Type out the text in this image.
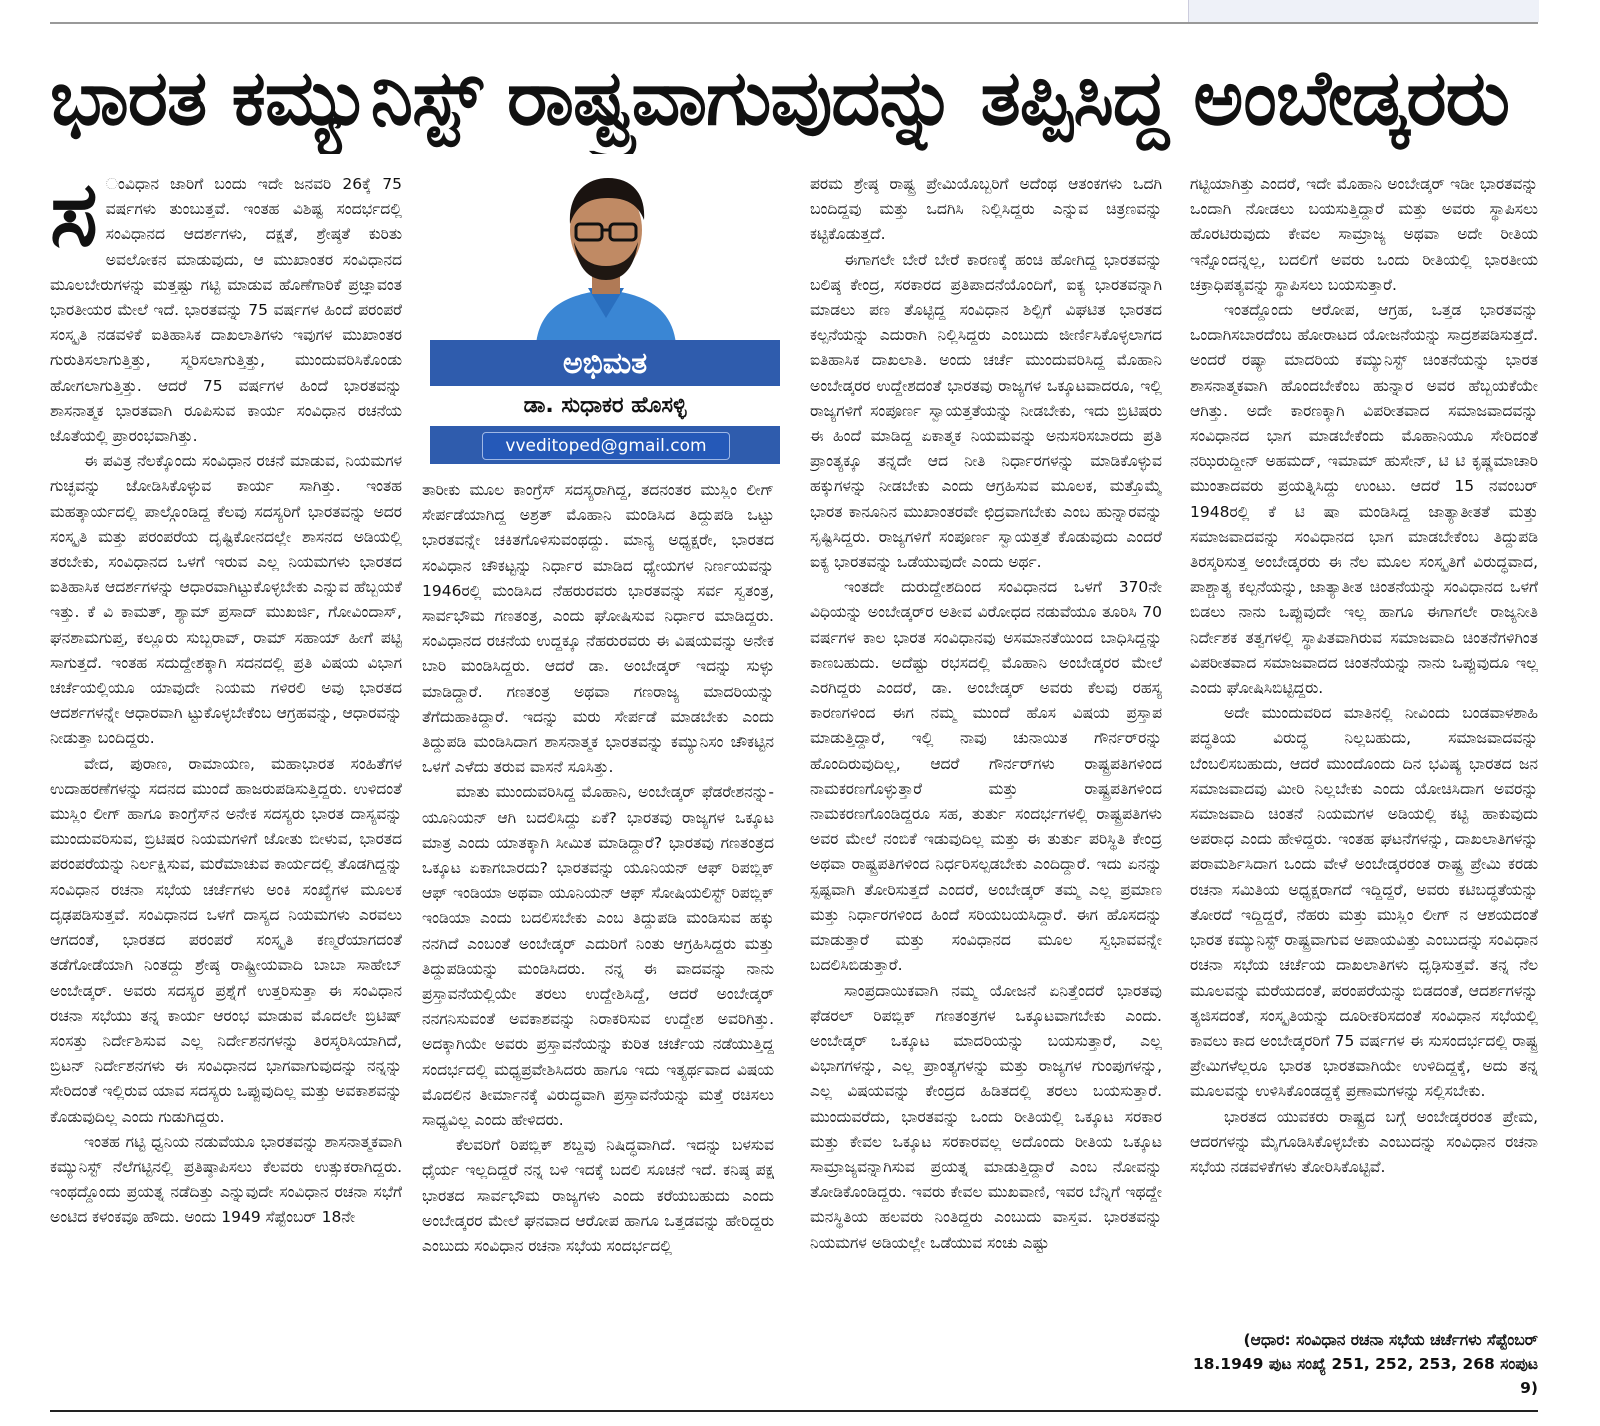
ಭಾರತ ಕಮ್ಯುನಿಸ್ಟ್ ರಾಷ್ಟ್ರವಾಗುವುದನ್ನು ತಪ್ಪಿಸಿದ್ದ ಅಂಬೇಡ್ಕರರು
ಸ ಂವಿಧಾನ ಜಾರಿಗೆ ಬಂದು ಇದೇ ಜನವರಿ 26ಕ್ಕೆ 75 ವರ್ಷಗಳು ತುಂಬುತ್ತವೆ. ಇಂತಹ ವಿಶಿಷ್ಟ ಸಂದರ್ಭದಲ್ಲಿ ಸಂವಿಧಾನದ ಆದರ್ಶಗಳು, ದಕ್ಷತೆ, ಶ್ರೇಷ್ಠತೆ ಕುರಿತು ಅವಲೋಕನ ಮಾಡುವುದು, ಆ ಮುಖಾಂತರ ಸಂವಿಧಾನದ ಮೂಲಬೇರುಗಳನ್ನು ಮತ್ತಷ್ಟು ಗಟ್ಟಿ ಮಾಡುವ ಹೊಣೆಗಾರಿಕೆ ಪ್ರಜ್ಞಾವಂತ ಭಾರತೀಯರ ಮೇಲೆ ಇದೆ. ಭಾರತವನ್ನು 75 ವರ್ಷಗಳ ಹಿಂದೆ ಪರಂಪರೆ ಸಂಸ್ಕೃತಿ ನಡವಳಿಕೆ ಐತಿಹಾಸಿಕ ದಾಖಲಾತಿಗಳು ಇವುಗಳ ಮುಖಾಂತರ ಗುರುತಿಸಲಾಗುತ್ತಿತ್ತು, ಸ್ಮರಿಸಲಾಗುತ್ತಿತ್ತು, ಮುಂದುವರಿಸಿಕೊಂಡು ಹೋಗಲಾಗುತ್ತಿತ್ತು. ಆದರೆ 75 ವರ್ಷಗಳ ಹಿಂದೆ ಭಾರತವನ್ನು ಶಾಸನಾತ್ಮಕ ಭಾರತವಾಗಿ ರೂಪಿಸುವ ಕಾರ್ಯ ಸಂವಿಧಾನ ರಚನೆಯ ಜೊತೆಯಲ್ಲಿ ಪ್ರಾರಂಭವಾಗಿತ್ತು.

ಈ ಪವಿತ್ರ ನೆಲಕ್ಕೊಂದು ಸಂವಿಧಾನ ರಚನೆ ಮಾಡುವ, ನಿಯಮಗಳ ಗುಚ್ಛವನ್ನು ಜೋಡಿಸಿಕೊಳ್ಳುವ ಕಾರ್ಯ ಸಾಗಿತ್ತು. ಇಂತಹ ಮಹತ್ಕಾರ್ಯದಲ್ಲಿ ಪಾಲ್ಗೊಂಡಿದ್ದ ಕೆಲವು ಸದಸ್ಯರಿಗೆ ಭಾರತವನ್ನು ಅದರ ಸಂಸ್ಕೃತಿ ಮತ್ತು ಪರಂಪರೆಯ ದೃಷ್ಟಿಕೋನದಲ್ಲೇ ಶಾಸನದ ಅಡಿಯಲ್ಲಿ ತರಬೇಕು, ಸಂವಿಧಾನದ ಒಳಗೆ ಇರುವ ಎಲ್ಲ ನಿಯಮಗಳು ಭಾರತದ ಐತಿಹಾಸಿಕ ಆದರ್ಶಗಳನ್ನು ಆಧಾರವಾಗಿಟ್ಟುಕೊಳ್ಳಬೇಕು ಎನ್ನುವ ಹೆಬ್ಬಯಕೆ ಇತ್ತು. ಕೆ ವಿ ಕಾಮತ್, ಶ್ಯಾಮ್ ಪ್ರಸಾದ್ ಮುಖರ್ಜಿ, ಗೋವಿಂದಾಸ್, ಘನಶಾಮಗುಪ್ತ, ಕಲ್ಲೂರು ಸುಬ್ಬರಾವ್, ರಾಮ್ ಸಹಾಯ್ ಹೀಗೆ ಪಟ್ಟಿ ಸಾಗುತ್ತದೆ. ಇಂತಹ ಸದುದ್ದೇಶಕ್ಕಾಗಿ ಸದನದಲ್ಲಿ ಪ್ರತಿ ವಿಷಯ ವಿಭಾಗ ಚರ್ಚೆಯಲ್ಲಿಯೂ ಯಾವುದೇ ನಿಯಮ ಗಳಿರಲಿ ಅವು ಭಾರತದ ಆದರ್ಶಗಳನ್ನೇ ಆಧಾರವಾಗಿ ಟ್ಟುಕೊಳ್ಳಬೇಕೆಂಬ ಆಗ್ರಹವನ್ನು, ಆಧಾರವನ್ನು ನೀಡುತ್ತಾ ಬಂದಿದ್ದರು.

ವೇದ, ಪುರಾಣ, ರಾಮಾಯಣ, ಮಹಾಭಾರತ ಸಂಹಿತೆಗಳ ಉದಾಹರಣೆಗಳನ್ನು ಸದನದ ಮುಂದೆ ಹಾಜರುಪಡಿಸುತ್ತಿದ್ದರು. ಉಳಿದಂತೆ ಮುಸ್ಲಿಂ ಲೀಗ್ ಹಾಗೂ ಕಾಂಗ್ರೆಸ್‌ನ ಅನೇಕ ಸದಸ್ಯರು ಭಾರತ ದಾಸ್ಯವನ್ನು ಮುಂದುವರಿಸುವ, ಬ್ರಿಟಿಷರ ನಿಯಮಗಳಿಗೆ ಜೋತು ಬೀಳುವ, ಭಾರತದ ಪರಂಪರೆಯನ್ನು ನಿರ್ಲಕ್ಷಿಸುವ, ಮರೆಮಾಚುವ ಕಾರ್ಯದಲ್ಲಿ ತೊಡಗಿದ್ದನ್ನು ಸಂವಿಧಾನ ರಚನಾ ಸಭೆಯ ಚರ್ಚೆಗಳು ಅಂಕಿ ಸಂಖ್ಯೆಗಳ ಮೂಲಕ ದೃಢಪಡಿಸುತ್ತವೆ. ಸಂವಿಧಾನದ ಒಳಗೆ ದಾಸ್ಯದ ನಿಯಮಗಳು ಎರವಲು ಆಗದಂತೆ, ಭಾರತದ ಪರಂಪರೆ ಸಂಸ್ಕೃತಿ ಕಣ್ಮರೆಯಾಗದಂತೆ ತಡೆಗೋಡೆಯಾಗಿ ನಿಂತದ್ದು ಶ್ರೇಷ್ಠ ರಾಷ್ಟ್ರೀಯವಾದಿ ಬಾಬಾ ಸಾಹೇಬ್ ಅಂಬೇಡ್ಕರ್. ಅವರು ಸದಸ್ಯರ ಪ್ರಶ್ನೆಗೆ ಉತ್ತರಿಸುತ್ತಾ ಈ ಸಂವಿಧಾನ ರಚನಾ ಸಭೆಯು ತನ್ನ ಕಾರ್ಯ ಆರಂಭ ಮಾಡುವ ಮೊದಲೇ ಬ್ರಿಟಿಷ್ ಸಂಸತ್ತು ನಿರ್ದೇಶಿಸುವ ಎಲ್ಲ ನಿರ್ದೇಶನಗಳನ್ನು ತಿರಸ್ಕರಿಸಿಯಾಗಿದೆ, ಬ್ರಿಟನ್ ನಿರ್ದೇಶನಗಳು ಈ ಸಂವಿಧಾನದ ಭಾಗವಾಗುವುದನ್ನು ನನ್ನನ್ನು ಸೇರಿದಂತೆ ಇಲ್ಲಿರುವ ಯಾವ ಸದಸ್ಯರು ಒಪ್ಪುವುದಿಲ್ಲ ಮತ್ತು ಅವಕಾಶವನ್ನು ಕೊಡುವುದಿಲ್ಲ ಎಂದು ಗುಡುಗಿದ್ದರು.

ಇಂತಹ ಗಟ್ಟಿ ಧ್ವನಿಯ ನಡುವೆಯೂ ಭಾರತವನ್ನು ಶಾಸನಾತ್ಮಕವಾಗಿ ಕಮ್ಯುನಿಸ್ಟ್ ನೆಲೆಗಟ್ಟಿನಲ್ಲಿ ಪ್ರತಿಷ್ಠಾಪಿಸಲು ಕೆಲವರು ಉತ್ಸುಕರಾಗಿದ್ದರು. ಇಂಥದ್ದೊಂದು ಪ್ರಯತ್ನ ನಡೆದಿತ್ತು ಎನ್ನುವುದೇ ಸಂವಿಧಾನ ರಚನಾ ಸಭೆಗೆ ಅಂಟಿದ ಕಳಂಕವೂ ಹೌದು. ಅಂದು 1949 ಸೆಪ್ಟೆಂಬರ್ 18ನೇ

ಅಭಿಮತ
ಡಾ. ಸುಧಾಕರ ಹೊಸಳ್ಳಿ
vveditoped@gmail.com

ತಾರೀಕು ಮೂಲ ಕಾಂಗ್ರೆಸ್ ಸದಸ್ಯರಾಗಿದ್ದ, ತದನಂತರ ಮುಸ್ಲಿಂ ಲೀಗ್ ಸೇರ್ಪಡೆಯಾಗಿದ್ದ ಅಶ್ರತ್ ಮೊಹಾನಿ ಮಂಡಿಸಿದ ತಿದ್ದುಪಡಿ ಒಟ್ಟು ಭಾರತವನ್ನೇ ಚಕಿತಗೊಳಿಸುವಂಥದ್ದು. ಮಾನ್ಯ ಅಧ್ಯಕ್ಷರೇ, ಭಾರತದ ಸಂವಿಧಾನ ಚೌಕಟ್ಟನ್ನು ನಿರ್ಧಾರ ಮಾಡಿದ ಧ್ಯೇಯಗಳ ನಿರ್ಣಯವನ್ನು 1946ರಲ್ಲಿ ಮಂಡಿಸಿದ ನೆಹರುರವರು ಭಾರತವನ್ನು ಸರ್ವ ಸ್ವತಂತ್ರ, ಸಾರ್ವಭೌಮ ಗಣತಂತ್ರ, ಎಂದು ಘೋಷಿಸುವ ನಿರ್ಧಾರ ಮಾಡಿದ್ದರು. ಸಂವಿಧಾನದ ರಚನೆಯ ಉದ್ದಕ್ಕೂ ನೆಹರುರವರು ಈ ವಿಷಯವನ್ನು ಅನೇಕ ಬಾರಿ ಮಂಡಿಸಿದ್ದರು. ಆದರೆ ಡಾ. ಅಂಬೇಡ್ಕರ್ ಇದನ್ನು ಸುಳ್ಳು ಮಾಡಿದ್ದಾರೆ. ಗಣತಂತ್ರ ಅಥವಾ ಗಣರಾಜ್ಯ ಮಾದರಿಯನ್ನು ತೆಗೆದುಹಾಕಿದ್ದಾರೆ. ಇದನ್ನು ಮರು ಸೇರ್ಪಡೆ ಮಾಡಬೇಕು ಎಂದು ತಿದ್ದುಪಡಿ ಮಂಡಿಸಿದಾಗ ಶಾಸನಾತ್ಮಕ ಭಾರತವನ್ನು ಕಮ್ಯುನಿಸಂ ಚೌಕಟ್ಟಿನ ಒಳಗೆ ಎಳೆದು ತರುವ ವಾಸನೆ ಸೂಸಿತ್ತು.

ಮಾತು ಮುಂದುವರಿಸಿದ್ದ ಮೊಹಾನಿ, ಅಂಬೇಡ್ಕರ್ ಫೆಡರೇಶನನ್ನು-ಯೂನಿಯನ್ ಆಗಿ ಬದಲಿಸಿದ್ದು ಏಕೆ? ಭಾರತವು ರಾಜ್ಯಗಳ ಒಕ್ಕೂಟ ಮಾತ್ರ ಎಂದು ಯಾತಕ್ಕಾಗಿ ಸೀಮಿತ ಮಾಡಿದ್ದಾರೆ? ಭಾರತವು ಗಣತಂತ್ರದ ಒಕ್ಕೂಟ ಏಕಾಗಬಾರದು? ಭಾರತವನ್ನು ಯೂನಿಯನ್ ಆಫ್ ರಿಪಬ್ಲಿಕ್ ಆಫ್ ಇಂಡಿಯಾ ಅಥವಾ ಯೂನಿಯನ್ ಆಫ್ ಸೋಷಿಯಲಿಸ್ಟ್ ರಿಪಬ್ಲಿಕ್ ಇಂಡಿಯಾ ಎಂದು ಬದಲಿಸಬೇಕು ಎಂಬ ತಿದ್ದುಪಡಿ ಮಂಡಿಸುವ ಹಕ್ಕು ನನಗಿದೆ ಎಂಬಂತೆ ಅಂಬೇಡ್ಕರ್ ಎದುರಿಗೆ ನಿಂತು ಆಗ್ರಹಿಸಿದ್ದರು ಮತ್ತು ತಿದ್ದುಪಡಿಯನ್ನು ಮಂಡಿಸಿದರು. ನನ್ನ ಈ ವಾದವನ್ನು ನಾನು ಪ್ರಸ್ತಾವನೆಯಲ್ಲಿಯೇ ತರಲು ಉದ್ದೇಶಿಸಿದ್ದೆ, ಆದರೆ ಅಂಬೇಡ್ಕರ್ ನನಗನಿಸುವಂತೆ ಅವಕಾಶವನ್ನು ನಿರಾಕರಿಸುವ ಉದ್ದೇಶ ಅವರಿಗಿತ್ತು. ಅದಕ್ಕಾಗಿಯೇ ಅವರು ಪ್ರಸ್ತಾವನೆಯನ್ನು ಕುರಿತ ಚರ್ಚೆಯ ನಡೆಯುತ್ತಿದ್ದ ಸಂದರ್ಭದಲ್ಲಿ ಮಧ್ಯಪ್ರವೇಶಿಸಿದರು ಹಾಗೂ ಇದು ಇತ್ಯರ್ಥವಾದ ವಿಷಯ ಮೊದಲಿನ ತೀರ್ಮಾನಕ್ಕೆ ವಿರುದ್ಧವಾಗಿ ಪ್ರಸ್ತಾವನೆಯನ್ನು ಮತ್ತೆ ರಚಿಸಲು ಸಾಧ್ಯವಿಲ್ಲ ಎಂದು ಹೇಳಿದರು.

ಕೆಲವರಿಗೆ ರಿಪಬ್ಲಿಕ್ ಶಬ್ದವು ನಿಷಿದ್ಧವಾಗಿದೆ. ಇದನ್ನು ಬಳಸುವ ಧೈರ್ಯ ಇಲ್ಲದಿದ್ದರೆ ನನ್ನ ಬಳಿ ಇದಕ್ಕೆ ಬದಲಿ ಸೂಚನೆ ಇದೆ. ಕನಿಷ್ಠ ಪಕ್ಷ ಭಾರತದ ಸಾರ್ವಭೌಮ ರಾಜ್ಯಗಳು ಎಂದು ಕರೆಯಬಹುದು ಎಂದು ಅಂಬೇಡ್ಕರರ ಮೇಲೆ ಘನವಾದ ಆರೋಪ ಹಾಗೂ ಒತ್ತಡವನ್ನು ಹೇರಿದ್ದರು ಎಂಬುದು ಸಂವಿಧಾನ ರಚನಾ ಸಭೆಯ ಸಂದರ್ಭದಲ್ಲಿ

ಪರಮ ಶ್ರೇಷ್ಠ ರಾಷ್ಟ್ರ ಪ್ರೇಮಿಯೊಬ್ಬರಿಗೆ ಅದೆಂಥ ಆತಂಕಗಳು ಒದಗಿ ಬಂದಿದ್ದವು ಮತ್ತು ಒದಗಿಸಿ ನಿಲ್ಲಿಸಿದ್ದರು ಎನ್ನುವ ಚಿತ್ರಣವನ್ನು ಕಟ್ಟಿಕೊಡುತ್ತದೆ.

ಈಗಾಗಲೇ ಬೇರೆ ಬೇರೆ ಕಾರಣಕ್ಕೆ ಹಂಚಿ ಹೋಗಿದ್ದ ಭಾರತವನ್ನು ಬಲಿಷ್ಠ ಕೇಂದ್ರ, ಸರಕಾರದ ಪ್ರತಿಪಾದನೆಯೊಂದಿಗೆ, ಐಕ್ಯ ಭಾರತವನ್ನಾಗಿ ಮಾಡಲು ಪಣ ತೊಟ್ಟಿದ್ದ ಸಂವಿಧಾನ ಶಿಲ್ಪಿಗೆ ವಿಘಟಿತ ಭಾರತದ ಕಲ್ಪನೆಯನ್ನು ಎದುರಾಗಿ ನಿಲ್ಲಿಸಿದ್ದರು ಎಂಬುದು ಜೀರ್ಣಿಸಿಕೊಳ್ಳಲಾಗದ ಐತಿಹಾಸಿಕ ದಾಖಲಾತಿ. ಅಂದು ಚರ್ಚೆ ಮುಂದುವರಿಸಿದ್ದ ಮೊಹಾನಿ ಅಂಬೇಡ್ಕರರ ಉದ್ದೇಶದಂತೆ ಭಾರತವು ರಾಜ್ಯಗಳ ಒಕ್ಕೂಟವಾದರೂ, ಇಲ್ಲಿ ರಾಜ್ಯಗಳಿಗೆ ಸಂಪೂರ್ಣ ಸ್ವಾಯತ್ತತೆಯನ್ನು ನೀಡಬೇಕು, ಇದು ಬ್ರಿಟಿಷರು ಈ ಹಿಂದೆ ಮಾಡಿದ್ದ ಏಕಾತ್ಮಕ ನಿಯಮವನ್ನು ಅನುಸರಿಸಬಾರದು ಪ್ರತಿ ಪ್ರಾಂತ್ಯಕ್ಕೂ ತನ್ನದೇ ಆದ ನೀತಿ ನಿರ್ಧಾರಗಳನ್ನು ಮಾಡಿಕೊಳ್ಳುವ ಹಕ್ಕುಗಳನ್ನು ನೀಡಬೇಕು ಎಂದು ಆಗ್ರಹಿಸುವ ಮೂಲಕ, ಮತ್ತೊಮ್ಮೆ ಭಾರತ ಕಾನೂನಿನ ಮುಖಾಂತರವೇ ಛಿದ್ರವಾಗಬೇಕು ಎಂಬ ಹುನ್ನಾರವನ್ನು ಸೃಷ್ಟಿಸಿದ್ದರು. ರಾಜ್ಯಗಳಿಗೆ ಸಂಪೂರ್ಣ ಸ್ವಾಯತ್ತತೆ ಕೊಡುವುದು ಎಂದರೆ ಐಕ್ಯ ಭಾರತವನ್ನು ಒಡೆಯುವುದೇ ಎಂದು ಅರ್ಥ.

ಇಂತದೇ ದುರುದ್ದೇಶದಿಂದ ಸಂವಿಧಾನದ ಒಳಗೆ 370ನೇ ವಿಧಿಯನ್ನು ಅಂಬೇಡ್ಕರ್‌ರ ಅತೀವ ವಿರೋಧದ ನಡುವೆಯೂ ತೂರಿಸಿ 70 ವರ್ಷಗಳ ಕಾಲ ಭಾರತ ಸಂವಿಧಾನವು ಅಸಮಾನತೆಯಿಂದ ಬಾಧಿಸಿದ್ದನ್ನು ಕಾಣಬಹುದು. ಅದೆಷ್ಟು ರಭಸದಲ್ಲಿ ಮೊಹಾನಿ ಅಂಬೇಡ್ಕರರ ಮೇಲೆ ಎರಗಿದ್ದರು ಎಂದರೆ, ಡಾ. ಅಂಬೇಡ್ಕರ್ ಅವರು ಕೆಲವು ರಹಸ್ಯ ಕಾರಣಗಳಿಂದ ಈಗ ನಮ್ಮ ಮುಂದೆ ಹೊಸ ವಿಷಯ ಪ್ರಸ್ತಾಪ ಮಾಡುತ್ತಿದ್ದಾರೆ, ಇಲ್ಲಿ ನಾವು ಚುನಾಯಿತ ಗೌರ್ನರ್‌ರನ್ನು ಹೊಂದಿರುವುದಿಲ್ಲ, ಆದರೆ ಗೌರ್ನರ್‌ಗಳು ರಾಷ್ಟ್ರಪತಿಗಳಿಂದ ನಾಮಕರಣಗೊಳ್ಳುತ್ತಾರೆ ಮತ್ತು ರಾಷ್ಟ್ರಪತಿಗಳಿಂದ ನಾಮಕರಣಗೊಂಡಿದ್ದರೂ ಸಹ, ತುರ್ತು ಸಂದರ್ಭಗಳಲ್ಲಿ ರಾಷ್ಟ್ರಪತಿಗಳು ಅವರ ಮೇಲೆ ನಂಬಿಕೆ ಇಡುವುದಿಲ್ಲ ಮತ್ತು ಈ ತುರ್ತು ಪರಿಸ್ಥಿತಿ ಕೇಂದ್ರ ಅಥವಾ ರಾಷ್ಟ್ರಪತಿಗಳಿಂದ ನಿರ್ಧರಿಸಲ್ಪಡಬೇಕು ಎಂದಿದ್ದಾರೆ. ಇದು ಏನನ್ನು ಸ್ಪಷ್ಟವಾಗಿ ತೋರಿಸುತ್ತದೆ ಎಂದರೆ, ಅಂಬೇಡ್ಕರ್ ತಮ್ಮ ಎಲ್ಲ ಪ್ರಮಾಣ ಮತ್ತು ನಿರ್ಧಾರಗಳಿಂದ ಹಿಂದೆ ಸರಿಯಬಯಸಿದ್ದಾರೆ. ಈಗ ಹೊಸದನ್ನು ಮಾಡುತ್ತಾರೆ ಮತ್ತು ಸಂವಿಧಾನದ ಮೂಲ ಸ್ವಭಾವವನ್ನೇ ಬದಲಿಸಿಬಿಡುತ್ತಾರೆ.

ಸಾಂಪ್ರದಾಯಿಕವಾಗಿ ನಮ್ಮ ಯೋಜನೆ ಏನಿತ್ತೆಂದರೆ ಭಾರತವು ಫೆಡರಲ್ ರಿಪಬ್ಲಿಕ್ ಗಣತಂತ್ರಗಳ ಒಕ್ಕೂಟವಾಗಬೇಕು ಎಂದು. ಅಂಬೇಡ್ಕರ್ ಒಕ್ಕೂಟ ಮಾದರಿಯನ್ನು ಬಯಸುತ್ತಾರೆ, ಎಲ್ಲ ವಿಭಾಗಗಳನ್ನು, ಎಲ್ಲ ಪ್ರಾಂತ್ಯಗಳನ್ನು ಮತ್ತು ರಾಜ್ಯಗಳ ಗುಂಪುಗಳನ್ನು, ಎಲ್ಲ ವಿಷಯವನ್ನು ಕೇಂದ್ರದ ಹಿಡಿತದಲ್ಲಿ ತರಲು ಬಯಸುತ್ತಾರೆ. ಮುಂದುವರೆದು, ಭಾರತವನ್ನು ಒಂದು ರೀತಿಯಲ್ಲಿ ಒಕ್ಕೂಟ ಸರಕಾರ ಮತ್ತು ಕೇವಲ ಒಕ್ಕೂಟ ಸರಕಾರವಲ್ಲ ಅದೊಂದು ರೀತಿಯ ಒಕ್ಕೂಟ ಸಾಮ್ರಾಜ್ಯವನ್ನಾಗಿಸುವ ಪ್ರಯತ್ನ ಮಾಡುತ್ತಿದ್ದಾರೆ ಎಂಬ ನೋವನ್ನು ತೋಡಿಕೊಂಡಿದ್ದರು. ಇವರು ಕೇವಲ ಮುಖವಾಣಿ, ಇವರ ಬೆನ್ನಿಗೆ ಇಥದ್ದೇ ಮನಸ್ಥಿತಿಯ ಹಲವರು ನಿಂತಿದ್ದರು ಎಂಬುದು ವಾಸ್ತವ. ಭಾರತವನ್ನು ನಿಯಮಗಳ ಅಡಿಯಲ್ಲೇ ಒಡೆಯುವ ಸಂಚು ಎಷ್ಟು

ಗಟ್ಟಿಯಾಗಿತ್ತು ಎಂದರೆ, ಇದೇ ಮೊಹಾನಿ ಅಂಬೇಡ್ಕರ್ ಇಡೀ ಭಾರತವನ್ನು ಒಂದಾಗಿ ನೋಡಲು ಬಯಸುತ್ತಿದ್ದಾರೆ ಮತ್ತು ಅವರು ಸ್ಥಾಪಿಸಲು ಹೊರಟಿರುವುದು ಕೇವಲ ಸಾಮ್ರಾಜ್ಯ ಅಥವಾ ಅದೇ ರೀತಿಯ ಇನ್ನೊಂದನ್ನಲ್ಲ, ಬದಲಿಗೆ ಅವರು ಒಂದು ರೀತಿಯಲ್ಲಿ ಭಾರತೀಯ ಚಕ್ರಾಧಿಪತ್ಯವನ್ನು ಸ್ಥಾಪಿಸಲು ಬಯಸುತ್ತಾರೆ.

ಇಂತದ್ದೊಂದು ಆರೋಪ, ಆಗ್ರಹ, ಒತ್ತಡ ಭಾರತವನ್ನು ಒಂದಾಗಿಸಬಾರದೆಂಬ ಹೋರಾಟದ ಯೋಜನೆಯನ್ನು ಸಾದ್ರಶಪಡಿಸುತ್ತದೆ. ಅಂದರೆ ರಷ್ಯಾ ಮಾದರಿಯ ಕಮ್ಯುನಿಸ್ಟ್ ಚಿಂತನೆಯನ್ನು ಭಾರತ ಶಾಸನಾತ್ಮಕವಾಗಿ ಹೊಂದಬೇಕೆಂಬ ಹುನ್ನಾರ ಅವರ ಹೆಬ್ಬಯಕೆಯೇ ಆಗಿತ್ತು. ಅದೇ ಕಾರಣಕ್ಕಾಗಿ ವಿಪರೀತವಾದ ಸಮಾಜವಾದವನ್ನು ಸಂವಿಧಾನದ ಭಾಗ ಮಾಡಬೇಕೆಂದು ಮೊಹಾನಿಯೂ ಸೇರಿದಂತೆ ನಝಿರುದ್ದೀನ್ ಅಹಮದ್, ಇಮಾಮ್ ಹುಸೇನ್, ಟಿ ಟಿ ಕೃಷ್ಣಮಾಚಾರಿ ಮುಂತಾದವರು ಪ್ರಯತ್ನಿಸಿದ್ದು ಉಂಟು. ಆದರೆ 15 ನವಂಬರ್ 1948ರಲ್ಲಿ ಕೆ ಟಿ ಷಾ ಮಂಡಿಸಿದ್ದ ಜಾತ್ಯಾತೀತತೆ ಮತ್ತು ಸಮಾಜವಾದವನ್ನು ಸಂವಿಧಾನದ ಭಾಗ ಮಾಡಬೇಕೆಂಬ ತಿದ್ದುಪಡಿ ತಿರಸ್ಕರಿಸುತ್ತ ಅಂಬೇಡ್ಕರರು ಈ ನೆಲ ಮೂಲ ಸಂಸ್ಕೃತಿಗೆ ವಿರುದ್ಧವಾದ, ಪಾಶ್ಚಾತ್ಯ ಕಲ್ಪನೆಯನ್ನು, ಜಾತ್ಯಾತೀತ ಚಿಂತನೆಯನ್ನು ಸಂವಿಧಾನದ ಒಳಗೆ ಬಿಡಲು ನಾನು ಒಪ್ಪುವುದೇ ಇಲ್ಲ ಹಾಗೂ ಈಗಾಗಲೇ ರಾಜ್ಯನೀತಿ ನಿರ್ದೇಶಕ ತತ್ವಗಳಲ್ಲಿ ಸ್ಥಾಪಿತವಾಗಿರುವ ಸಮಾಜವಾದಿ ಚಿಂತನೆಗಳಿಗಿಂತ ವಿಪರೀತವಾದ ಸಮಾಜವಾದದ ಚಿಂತನೆಯನ್ನು ನಾನು ಒಪ್ಪುವುದೂ ಇಲ್ಲ ಎಂದು ಘೋಷಿಸಿಬಿಟ್ಟಿದ್ದರು.

ಅದೇ ಮುಂದುವರಿದ ಮಾತಿನಲ್ಲಿ ನೀವಿಂದು ಬಂಡವಾಳಶಾಹಿ ಪದ್ಧತಿಯ ವಿರುದ್ಧ ನಿಲ್ಲಬಹುದು, ಸಮಾಜವಾದವನ್ನು ಬೆಂಬಲಿಸಬಹುದು, ಆದರೆ ಮುಂದೊಂದು ದಿನ ಭವಿಷ್ಯ ಭಾರತದ ಜನ ಸಮಾಜವಾದವು ಮೀರಿ ನಿಲ್ಲಬೇಕು ಎಂದು ಯೋಚಿಸಿದಾಗ ಅವರನ್ನು ಸಮಾಜವಾದಿ ಚಿಂತನೆ ನಿಯಮಗಳ ಅಡಿಯಲ್ಲಿ ಕಟ್ಟಿ ಹಾಕುವುದು ಅಪರಾಧ ಎಂದು ಹೇಳಿದ್ದರು. ಇಂತಹ ಘಟನೆಗಳನ್ನು, ದಾಖಲಾತಿಗಳನ್ನು ಪರಾಮರ್ಶಿಸಿದಾಗ ಒಂದು ವೇಳೆ ಅಂಬೇಡ್ಕರರಂತ ರಾಷ್ಟ್ರ ಪ್ರೇಮಿ ಕರಡು ರಚನಾ ಸಮಿತಿಯ ಅಧ್ಯಕ್ಷರಾಗದೆ ಇದ್ದಿದ್ದರೆ, ಅವರು ಕಟಿಬದ್ಧತೆಯನ್ನು ತೋರದೆ ಇದ್ದಿದ್ದರೆ, ನೆಹರು ಮತ್ತು ಮುಸ್ಲಿಂ ಲೀಗ್ ನ ಆಶಯದಂತೆ ಭಾರತ ಕಮ್ಯುನಿಸ್ಟ್ ರಾಷ್ಟ್ರವಾಗುವ ಅಪಾಯವಿತ್ತು ಎಂಬುದನ್ನು ಸಂವಿಧಾನ ರಚನಾ ಸಭೆಯ ಚರ್ಚೆಯ ದಾಖಲಾತಿಗಳು ಧೃಢಿಸುತ್ತವೆ. ತನ್ನ ನೆಲ ಮೂಲವನ್ನು ಮರೆಯದಂತೆ, ಪರಂಪರೆಯನ್ನು ಬಿಡದಂತೆ, ಆದರ್ಶಗಳನ್ನು ತ್ಯಜಿಸದಂತೆ, ಸಂಸ್ಕೃತಿಯನ್ನು ದೂರೀಕರಿಸದಂತೆ ಸಂವಿಧಾನ ಸಭೆಯಲ್ಲಿ ಕಾವಲು ಕಾದ ಅಂಬೇಡ್ಕರರಿಗೆ 75 ವರ್ಷಗಳ ಈ ಸುಸಂದರ್ಭದಲ್ಲಿ ರಾಷ್ಟ್ರ ಪ್ರೇಮಿಗಳೆಲ್ಲರೂ ಭಾರತ ಭಾರತವಾಗಿಯೇ ಉಳಿದಿದ್ದಕ್ಕೆ, ಅದು ತನ್ನ ಮೂಲವನ್ನು ಉಳಿಸಿಕೊಂಡದ್ದಕ್ಕೆ ಪ್ರಣಾಮಗಳನ್ನು ಸಲ್ಲಿಸಬೇಕು.

ಭಾರತದ ಯುವಕರು ರಾಷ್ಟ್ರದ ಬಗ್ಗೆ ಅಂಬೇಡ್ಕರರಂತ ಪ್ರೇಮ, ಆದರಗಳನ್ನು ಮೈಗೂಡಿಸಿಕೊಳ್ಳಬೇಕು ಎಂಬುದನ್ನು ಸಂವಿಧಾನ ರಚನಾ ಸಭೆಯ ನಡವಳಿಕೆಗಳು ತೋರಿಸಿಕೊಟ್ಟಿವೆ.

(ಆಧಾರ: ಸಂವಿಧಾನ ರಚನಾ ಸಭೆಯ ಚರ್ಚೆಗಳು ಸೆಪ್ಟೆಂಬರ್ 18.1949 ಪುಟ ಸಂಖ್ಯೆ 251, 252, 253, 268 ಸಂಪುಟ 9)
